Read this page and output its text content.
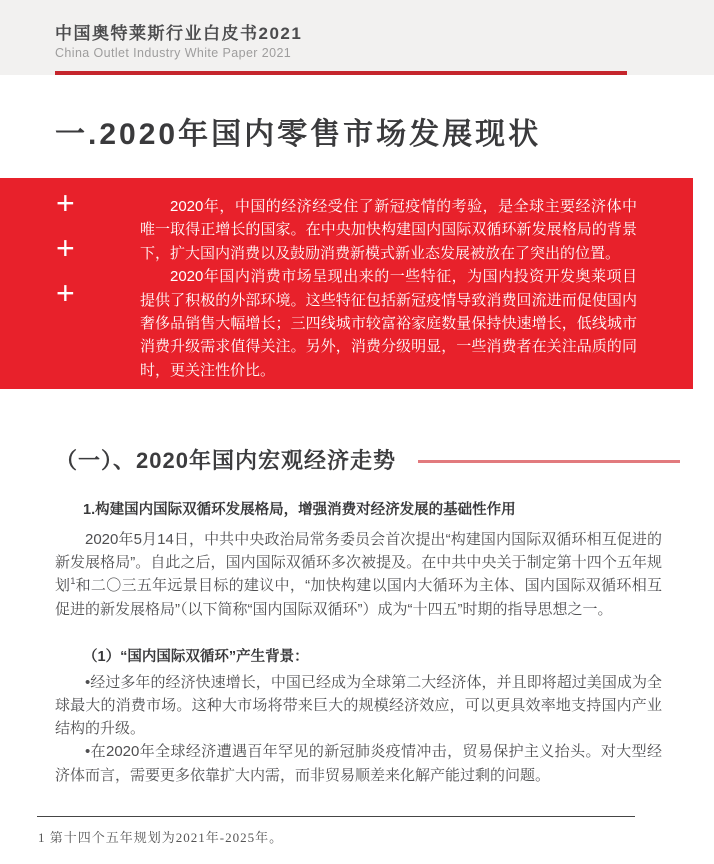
中国奥特莱斯行业白皮书2021
China Outlet Industry White Paper 2021
一.2020年国内零售市场发展现状
+
+
+

2020年，中国的经济经受住了新冠疫情的考验，是全球主要经济体中唯一取得正增长的国家。在中央加快构建国内国际双循环新发展格局的背景下，扩大国内消费以及鼓励消费新模式新业态发展被放在了突出的位置。

2020年国内消费市场呈现出来的一些特征，为国内投资开发奥莱项目提供了积极的外部环境。这些特征包括新冠疫情导致消费回流进而促使国内奢侈品销售大幅增长；三四线城市较富裕家庭数量保持快速增长，低线城市消费升级需求值得关注。另外，消费分级明显，一些消费者在关注品质的同时，更关注性价比。

（一）、2020年国内宏观经济走势
1.构建国内国际双循环发展格局，增强消费对经济发展的基础性作用

2020年5月14日，中共中央政治局常务委员会首次提出“构建国内国际双循环相互促进的新发展格局”。自此之后，国内国际双循环多次被提及。在中共中央关于制定第十四个五年规划$^1$和二〇三五年远景目标的建议中，“加快构建以国内大循环为主体、国内国际双循环相互促进的新发展格局”（以下简称“国内国际双循环”）成为“十四五”时期的指导思想之一。

（1）“国内国际双循环”产生背景：

•经过多年的经济快速增长，中国已经成为全球第二大经济体，并且即将超过美国成为全球最大的消费市场。这种大市场将带来巨大的规模经济效应，可以更具效率地支持国内产业结构的升级。

•在2020年全球经济遭遇百年罕见的新冠肺炎疫情冲击，贸易保护主义抬头。对大型经济体而言，需要更多依靠扩大内需，而非贸易顺差来化解产能过剩的问题。

1 第十四个五年规划为2021年-2025年。
